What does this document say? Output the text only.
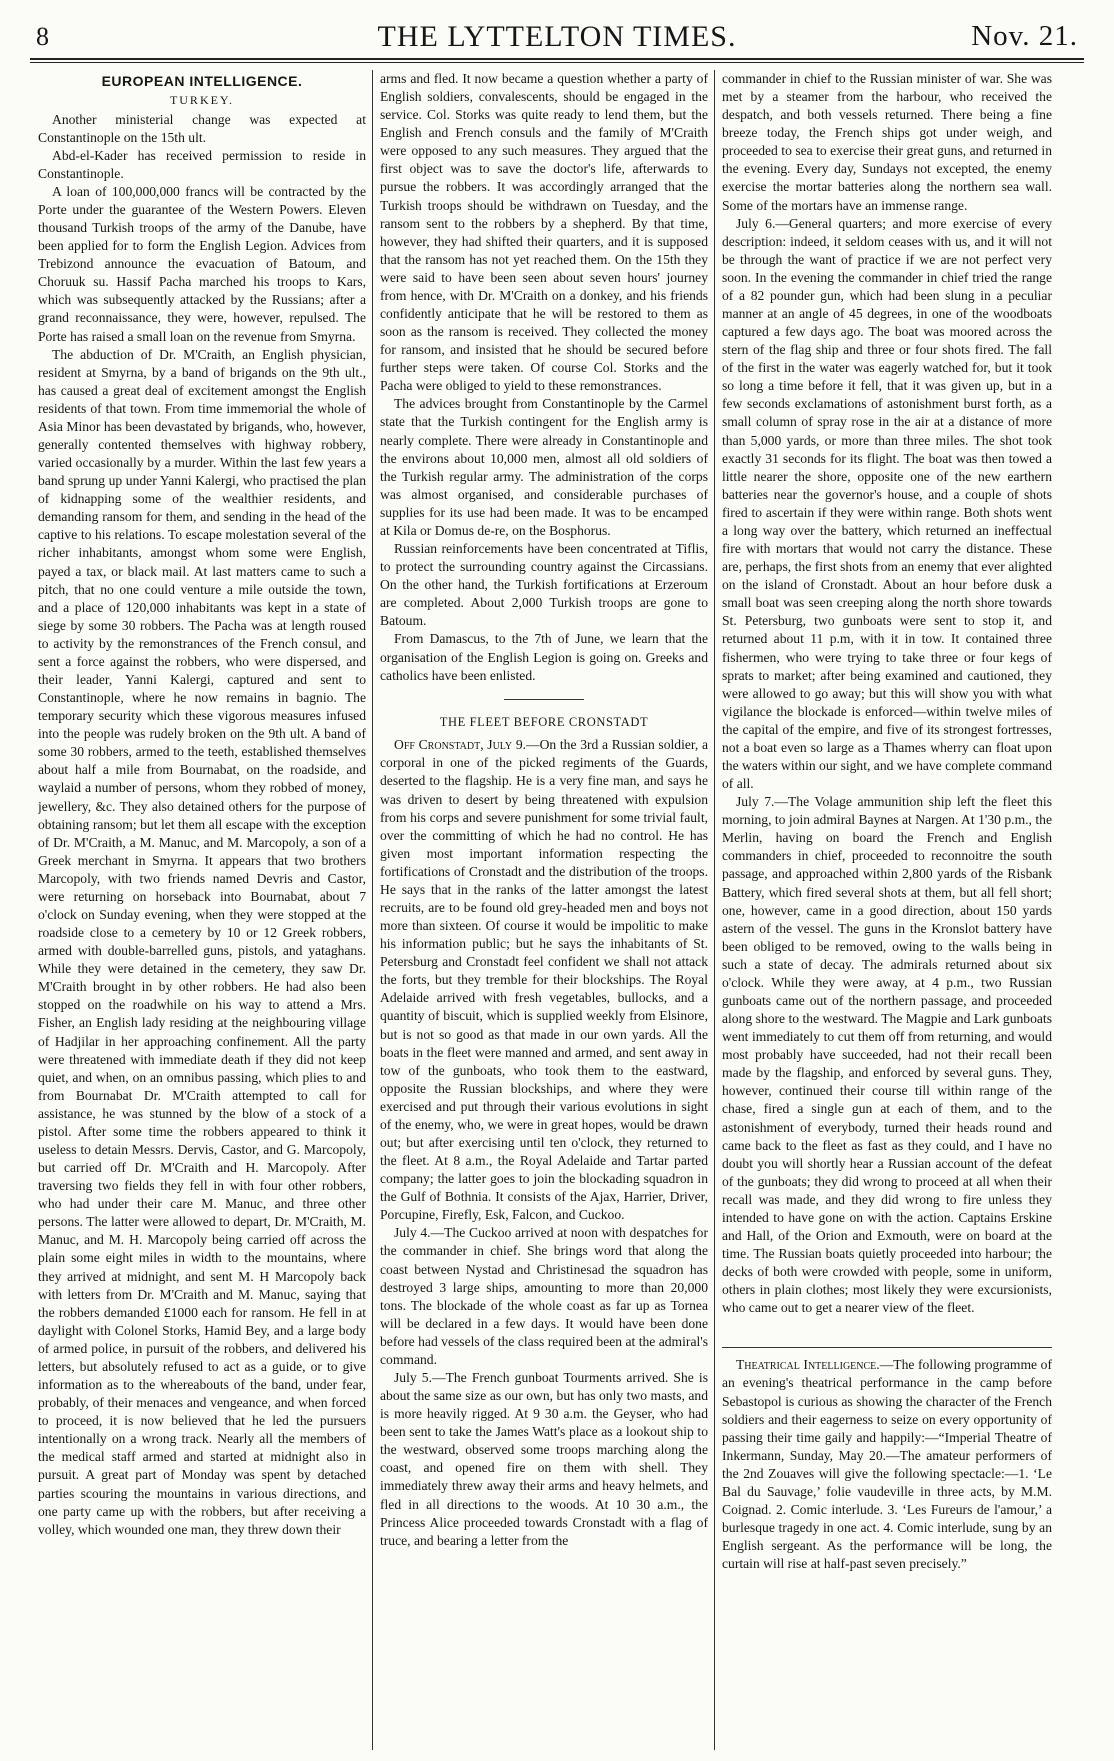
8	THE LYTTELTON TIMES.	Nov. 21.
EUROPEAN INTELLIGENCE.
TURKEY.

Another ministerial change was expected at Constantinople on the 15th ult.

Abd-el-Kader has received permission to reside in Constantinople.

A loan of 100,000,000 francs will be contracted by the Porte under the guarantee of the Western Powers. Eleven thousand Turkish troops of the army of the Danube, have been applied for to form the English Legion. Advices from Trebizond announce the evacuation of Batoum, and Choruuk su. Hassif Pacha marched his troops to Kars, which was subsequently attacked by the Russians; after a grand reconnaissance, they were, however, repulsed. The Porte has raised a small loan on the revenue from Smyrna.

The abduction of Dr. M'Craith, an English physician, resident at Smyrna, by a band of brigands on the 9th ult., has caused a great deal of excitement amongst the English residents of that town. From time immemorial the whole of Asia Minor has been devastated by brigands, who, however, generally contented themselves with highway robbery, varied occasionally by a murder. Within the last few years a band sprung up under Yanni Kalergi, who practised the plan of kidnapping some of the wealthier residents, and demanding ransom for them, and sending in the head of the captive to his relations. To escape molestation several of the richer inhabitants, amongst whom some were English, payed a tax, or black mail. At last matters came to such a pitch, that no one could venture a mile outside the town, and a place of 120,000 inhabitants was kept in a state of siege by some 30 robbers. The Pacha was at length roused to activity by the remonstrances of the French consul, and sent a force against the robbers, who were dispersed, and their leader, Yanni Kalergi, captured and sent to Constantinople, where he now remains in bagnio. The temporary security which these vigorous measures infused into the people was rudely broken on the 9th ult. A band of some 30 robbers, armed to the teeth, established themselves about half a mile from Bournabat, on the roadside, and waylaid a number of persons, whom they robbed of money, jewellery, &c. They also detained others for the purpose of obtaining ransom; but let them all escape with the exception of Dr. M'Craith, a M. Manuc, and M. Marcopoly, a son of a Greek merchant in Smyrna. It appears that two brothers Marcopoly, with two friends named Devris and Castor, were returning on horseback into Bournabat, about 7 o'clock on Sunday evening, when they were stopped at the roadside close to a cemetery by 10 or 12 Greek robbers, armed with double-barrelled guns, pistols, and yataghans. While they were detained in the cemetery, they saw Dr. M'Craith brought in by other robbers. He had also been stopped on the roadwhile on his way to attend a Mrs. Fisher, an English lady residing at the neighbouring village of Hadjilar in her approaching confinement. All the party were threatened with immediate death if they did not keep quiet, and when, on an omnibus passing, which plies to and from Bournabat Dr. M'Craith attempted to call for assistance, he was stunned by the blow of a stock of a pistol. After some time the robbers appeared to think it useless to detain Messrs. Dervis, Castor, and G. Marcopoly, but carried off Dr. M'Craith and H. Marcopoly. After traversing two fields they fell in with four other robbers, who had under their care M. Manuc, and three other persons. The latter were allowed to depart, Dr. M'Craith, M. Manuc, and M. H. Marcopoly being carried off across the plain some eight miles in width to the mountains, where they arrived at midnight, and sent M. H Marcopoly back with letters from Dr. M'Craith and M. Manuc, saying that the robbers demanded £1000 each for ransom. He fell in at daylight with Colonel Storks, Hamid Bey, and a large body of armed police, in pursuit of the robbers, and delivered his letters, but absolutely refused to act as a guide, or to give information as to the whereabouts of the band, under fear, probably, of their menaces and vengeance, and when forced to proceed, it is now believed that he led the pursuers intentionally on a wrong track. Nearly all the members of the medical staff armed and started at midnight also in pursuit. A great part of Monday was spent by detached parties scouring the mountains in various directions, and one party came up with the robbers, but after receiving a volley, which wounded one man, they threw down their

arms and fled. It now became a question whether a party of English soldiers, convalescents, should be engaged in the service. Col. Storks was quite ready to lend them, but the English and French consuls and the family of M'Craith were opposed to any such measures. They argued that the first object was to save the doctor's life, afterwards to pursue the robbers. It was accordingly arranged that the Turkish troops should be withdrawn on Tuesday, and the ransom sent to the robbers by a shepherd. By that time, however, they had shifted their quarters, and it is supposed that the ransom has not yet reached them. On the 15th they were said to have been seen about seven hours' journey from hence, with Dr. M'Craith on a donkey, and his friends confidently anticipate that he will be restored to them as soon as the ransom is received. They collected the money for ransom, and insisted that he should be secured before further steps were taken. Of course Col. Storks and the Pacha were obliged to yield to these remonstrances.

The advices brought from Constantinople by the Carmel state that the Turkish contingent for the English army is nearly complete. There were already in Constantinople and the environs about 10,000 men, almost all old soldiers of the Turkish regular army. The administration of the corps was almost organised, and considerable purchases of supplies for its use had been made. It was to be encamped at Kila or Domus de-re, on the Bosphorus.

Russian reinforcements have been concentrated at Tiflis, to protect the surrounding country against the Circassians. On the other hand, the Turkish fortifications at Erzeroum are completed. About 2,000 Turkish troops are gone to Batoum.

From Damascus, to the 7th of June, we learn that the organisation of the English Legion is going on. Greeks and catholics have been enlisted.

THE FLEET BEFORE CRONSTADT

Off Cronstadt, July 9.—On the 3rd a Russian soldier, a corporal in one of the picked regiments of the Guards, deserted to the flagship. He is a very fine man, and says he was driven to desert by being threatened with expulsion from his corps and severe punishment for some trivial fault, over the committing of which he had no control. He has given most important information respecting the fortifications of Cronstadt and the distribution of the troops. He says that in the ranks of the latter amongst the latest recruits, are to be found old grey-headed men and boys not more than sixteen. Of course it would be impolitic to make his information public; but he says the inhabitants of St. Petersburg and Cronstadt feel confident we shall not attack the forts, but they tremble for their blockships. The Royal Adelaide arrived with fresh vegetables, bullocks, and a quantity of biscuit, which is supplied weekly from Elsinore, but is not so good as that made in our own yards. All the boats in the fleet were manned and armed, and sent away in tow of the gunboats, who took them to the eastward, opposite the Russian blockships, and where they were exercised and put through their various evolutions in sight of the enemy, who, we were in great hopes, would be drawn out; but after exercising until ten o'clock, they returned to the fleet. At 8 a.m., the Royal Adelaide and Tartar parted company; the latter goes to join the blockading squadron in the Gulf of Bothnia. It consists of the Ajax, Harrier, Driver, Porcupine, Firefly, Esk, Falcon, and Cuckoo.

July 4.—The Cuckoo arrived at noon with despatches for the commander in chief. She brings word that along the coast between Nystad and Christinesad the squadron has destroyed 3 large ships, amounting to more than 20,000 tons. The blockade of the whole coast as far up as Tornea will be declared in a few days. It would have been done before had vessels of the class required been at the admiral's command.

July 5.—The French gunboat Tourments arrived. She is about the same size as our own, but has only two masts, and is more heavily rigged. At 9 30 a.m. the Geyser, who had been sent to take the James Watt's place as a lookout ship to the westward, observed some troops marching along the coast, and opened fire on them with shell. They immediately threw away their arms and heavy helmets, and fled in all directions to the woods. At 10 30 a.m., the Princess Alice proceeded towards Cronstadt with a flag of truce, and bearing a letter from the

commander in chief to the Russian minister of war. She was met by a steamer from the harbour, who received the despatch, and both vessels returned. There being a fine breeze today, the French ships got under weigh, and proceeded to sea to exercise their great guns, and returned in the evening. Every day, Sundays not excepted, the enemy exercise the mortar batteries along the northern sea wall. Some of the mortars have an immense range.

July 6.—General quarters; and more exercise of every description: indeed, it seldom ceases with us, and it will not be through the want of practice if we are not perfect very soon. In the evening the commander in chief tried the range of a 82 pounder gun, which had been slung in a peculiar manner at an angle of 45 degrees, in one of the woodboats captured a few days ago. The boat was moored across the stern of the flag ship and three or four shots fired. The fall of the first in the water was eagerly watched for, but it took so long a time before it fell, that it was given up, but in a few seconds exclamations of astonishment burst forth, as a small column of spray rose in the air at a distance of more than 5,000 yards, or more than three miles. The shot took exactly 31 seconds for its flight. The boat was then towed a little nearer the shore, opposite one of the new earthern batteries near the governor's house, and a couple of shots fired to ascertain if they were within range. Both shots went a long way over the battery, which returned an ineffectual fire with mortars that would not carry the distance. These are, perhaps, the first shots from an enemy that ever alighted on the island of Cronstadt. About an hour before dusk a small boat was seen creeping along the north shore towards St. Petersburg, two gunboats were sent to stop it, and returned about 11 p.m, with it in tow. It contained three fishermen, who were trying to take three or four kegs of sprats to market; after being examined and cautioned, they were allowed to go away; but this will show you with what vigilance the blockade is enforced—within twelve miles of the capital of the empire, and five of its strongest fortresses, not a boat even so large as a Thames wherry can float upon the waters within our sight, and we have complete command of all.

July 7.—The Volage ammunition ship left the fleet this morning, to join admiral Baynes at Nargen. At 1'30 p.m., the Merlin, having on board the French and English commanders in chief, proceeded to reconnoitre the south passage, and approached within 2,800 yards of the Risbank Battery, which fired several shots at them, but all fell short; one, however, came in a good direction, about 150 yards astern of the vessel. The guns in the Kronslot battery have been obliged to be removed, owing to the walls being in such a state of decay. The admirals returned about six o'clock. While they were away, at 4 p.m., two Russian gunboats came out of the northern passage, and proceeded along shore to the westward. The Magpie and Lark gunboats went immediately to cut them off from returning, and would most probably have succeeded, had not their recall been made by the flagship, and enforced by several guns. They, however, continued their course till within range of the chase, fired a single gun at each of them, and to the astonishment of everybody, turned their heads round and came back to the fleet as fast as they could, and I have no doubt you will shortly hear a Russian account of the defeat of the gunboats; they did wrong to proceed at all when their recall was made, and they did wrong to fire unless they intended to have gone on with the action. Captains Erskine and Hall, of the Orion and Exmouth, were on board at the time. The Russian boats quietly proceeded into harbour; the decks of both were crowded with people, some in uniform, others in plain clothes; most likely they were excursionists, who came out to get a nearer view of the fleet.

Theatrical Intelligence.—The following programme of an evening's theatrical performance in the camp before Sebastopol is curious as showing the character of the French soldiers and their eagerness to seize on every opportunity of passing their time gaily and happily:—“Imperial Theatre of Inkermann, Sunday, May 20.—The amateur performers of the 2nd Zouaves will give the following spectacle:—1. ‘Le Bal du Sauvage,’ folie vaudeville in three acts, by M.M. Coignad. 2. Comic interlude. 3. ‘Les Fureurs de l'amour,’ a burlesque tragedy in one act. 4. Comic interlude, sung by an English sergeant. As the performance will be long, the curtain will rise at half-past seven precisely.”
